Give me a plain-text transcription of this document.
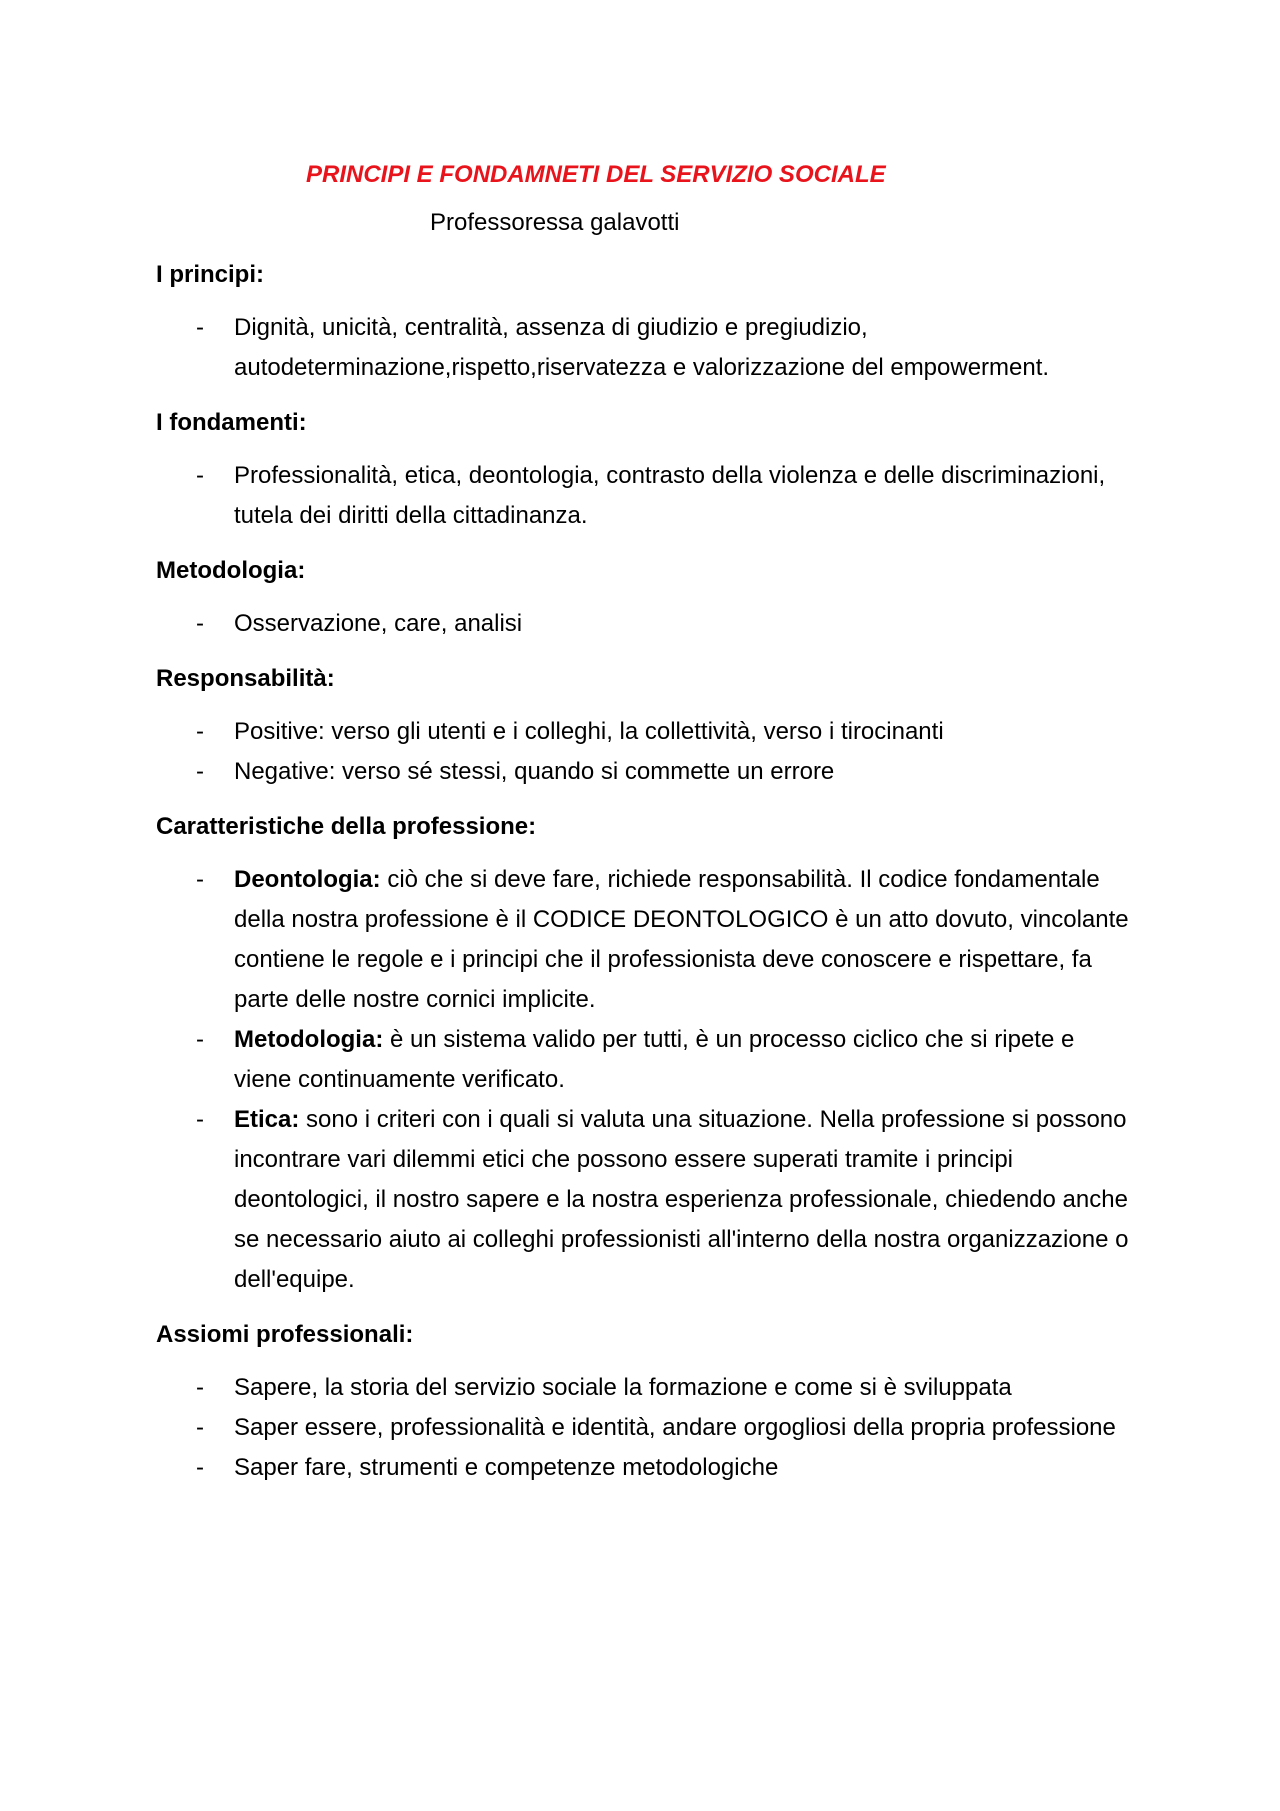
PRINCIPI E FONDAMNETI DEL SERVIZIO SOCIALE
Professoressa galavotti
I principi:
- Dignità, unicità, centralità, assenza di giudizio e pregiudizio, autodeterminazione,rispetto,riservatezza e valorizzazione del empowerment.
I fondamenti:
- Professionalità, etica, deontologia, contrasto della violenza e delle discriminazioni, tutela dei diritti della cittadinanza.
Metodologia:
- Osservazione, care, analisi
Responsabilità:
- Positive: verso gli utenti e i colleghi, la collettività, verso i tirocinanti
- Negative: verso sé stessi, quando si commette un errore
Caratteristiche della professione:
- Deontologia: ciò che si deve fare, richiede responsabilità. Il codice fondamentale della nostra professione è il CODICE DEONTOLOGICO è un atto dovuto, vincolante contiene le regole e i principi che il professionista deve conoscere e rispettare, fa parte delle nostre cornici implicite.
- Metodologia: è un sistema valido per tutti, è un processo ciclico che si ripete e viene continuamente verificato.
- Etica: sono i criteri con i quali si valuta una situazione. Nella professione si possono incontrare vari dilemmi etici che possono essere superati tramite i principi deontologici, il nostro sapere e la nostra esperienza professionale, chiedendo anche se necessario aiuto ai colleghi professionisti all'interno della nostra organizzazione o dell'equipe.
Assiomi professionali:
- Sapere, la storia del servizio sociale la formazione e come si è sviluppata
- Saper essere, professionalità e identità, andare orgogliosi della propria professione
- Saper fare, strumenti e competenze metodologiche
